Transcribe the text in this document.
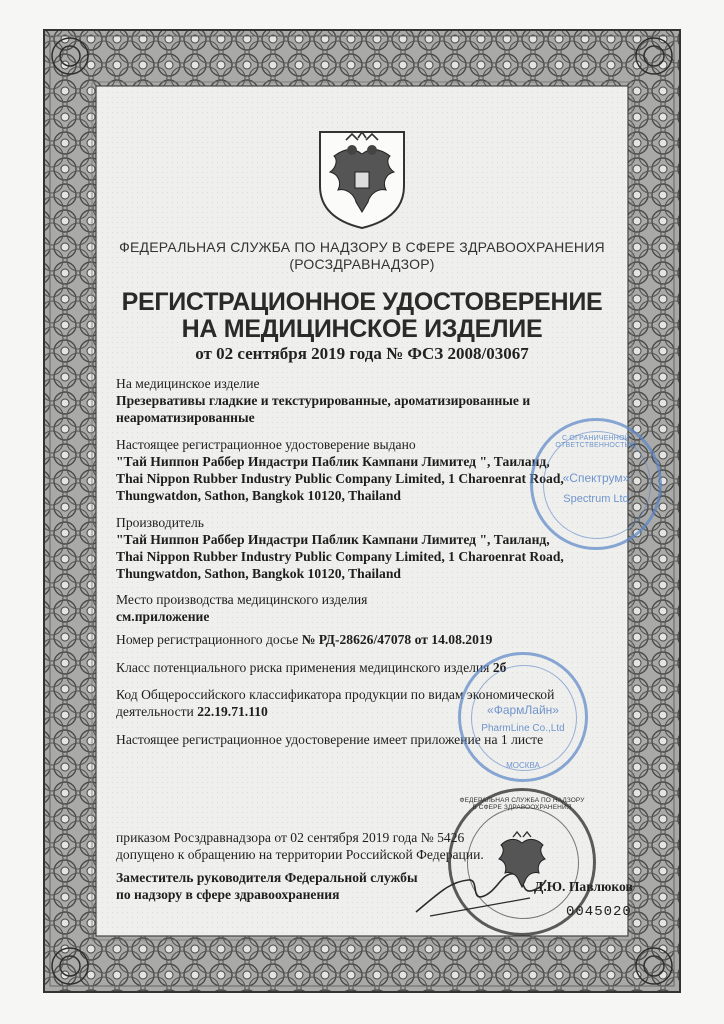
ФЕДЕРАЛЬНАЯ СЛУЖБА ПО НАДЗОРУ В СФЕРЕ ЗДРАВООХРАНЕНИЯ
(РОСЗДРАВНАДЗОР)
РЕГИСТРАЦИОННОЕ УДОСТОВЕРЕНИЕ
НА МЕДИЦИНСКОЕ ИЗДЕЛИЕ
от 02 сентября 2019 года № ФСЗ 2008/03067
На медицинское изделие
Презервативы гладкие и текстурированные, ароматизированные и
неароматизированные
Настоящее регистрационное удостоверение выдано
"Тай Ниппон Раббер Индастри Паблик Кампани Лимитед ", Таиланд,
Thai Nippon Rubber Industry Public Company Limited, 1 Charoenrat Road,
Thungwatdon, Sathon, Bangkok 10120, Thailand
Производитель
"Тай Ниппон Раббер Индастри Паблик Кампани Лимитед ", Таиланд,
Thai Nippon Rubber Industry Public Company Limited, 1 Charoenrat Road,
Thungwatdon, Sathon, Bangkok 10120, Thailand
Место производства медицинского изделия
см.приложение
Номер регистрационного досье № РД-28626/47078 от 14.08.2019
Класс потенциального риска применения медицинского изделия 2б
Код Общероссийского классификатора продукции по видам экономической
деятельности 22.19.71.110
Настоящее регистрационное удостоверение имеет приложение на 1 листе
приказом Росздравнадзора от 02 сентября 2019 года № 5426
допущено к обращению на территории Российской Федерации.
Заместитель руководителя Федеральной службы
по надзору в сфере здравоохранения
Д.Ю. Павлюков
0045020
С ОГРАНИЧЕННОЙ ОТВЕТСТВЕННОСТЬЮ
«Спектрум»
Spectrum Ltd
«ФармЛайн»
PharmLine Co.,Ltd
МОСКВА
ФЕДЕРАЛЬНАЯ СЛУЖБА ПО НАДЗОРУ В СФЕРЕ ЗДРАВООХРАНЕНИЯ
